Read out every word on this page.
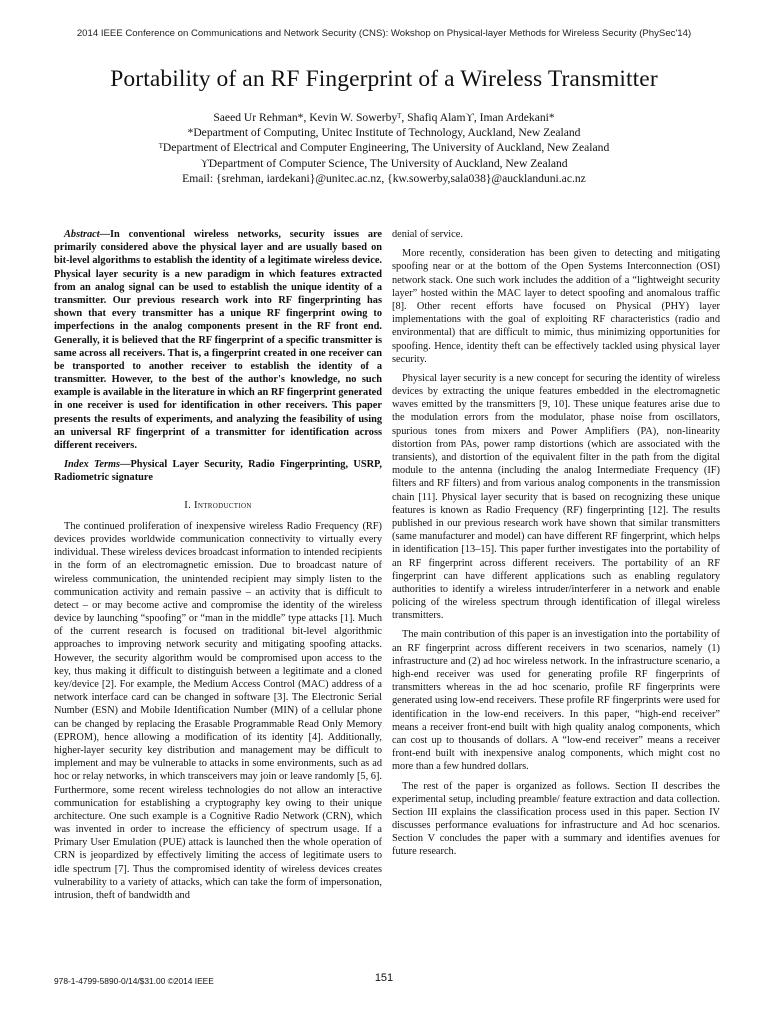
2014 IEEE Conference on Communications and Network Security (CNS): Wokshop on Physical-layer Methods for Wireless Security (PhySec'14)
Portability of an RF Fingerprint of a Wireless Transmitter
Saeed Ur Rehman*, Kevin W. Sowerbyᵀ, Shafiq Alamϒ, Iman Ardekani*
*Department of Computing, Unitec Institute of Technology, Auckland, New Zealand
ᵀDepartment of Electrical and Computer Engineering, The University of Auckland, New Zealand
ϒDepartment of Computer Science, The University of Auckland, New Zealand
Email: {srehman, iardekani}@unitec.ac.nz, {kw.sowerby,sala038}@aucklanduni.ac.nz

Abstract—In conventional wireless networks, security issues are primarily considered above the physical layer and are usually based on bit-level algorithms to establish the identity of a legitimate wireless device. Physical layer security is a new paradigm in which features extracted from an analog signal can be used to establish the unique identity of a transmitter. Our previous research work into RF fingerprinting has shown that every transmitter has a unique RF fingerprint owing to imperfections in the analog components present in the RF front end. Generally, it is believed that the RF fingerprint of a specific transmitter is same across all receivers. That is, a fingerprint created in one receiver can be transported to another receiver to establish the identity of a transmitter. However, to the best of the author's knowledge, no such example is available in the literature in which an RF fingerprint generated in one receiver is used for identification in other receivers. This paper presents the results of experiments, and analyzing the feasibility of using an universal RF fingerprint of a transmitter for identification across different receivers.

Index Terms—Physical Layer Security, Radio Fingerprinting, USRP, Radiometric signature

I. Introduction

The continued proliferation of inexpensive wireless Radio Frequency (RF) devices provides worldwide communication connectivity to virtually every individual. These wireless devices broadcast information to intended recipients in the form of an electromagnetic emission. Due to broadcast nature of wireless communication, the unintended recipient may simply listen to the communication activity and remain passive – an activity that is difficult to detect – or may become active and compromise the identity of the wireless device by launching “spoofing” or “man in the middle” type attacks [1]. Much of the current research is focused on traditional bit-level algorithmic approaches to improving network security and mitigating spoofing attacks. However, the security algorithm would be compromised upon access to the key, thus making it difficult to distinguish between a legitimate and a cloned key/device [2]. For example, the Medium Access Control (MAC) address of a network interface card can be changed in software [3]. The Electronic Serial Number (ESN) and Mobile Identification Number (MIN) of a cellular phone can be changed by replacing the Erasable Programmable Read Only Memory (EPROM), hence allowing a modification of its identity [4]. Additionally, higher-layer security key distribution and management may be difficult to implement and may be vulnerable to attacks in some environments, such as ad hoc or relay networks, in which transceivers may join or leave randomly [5, 6]. Furthermore, some recent wireless technologies do not allow an interactive communication for establishing a cryptography key owing to their unique architecture. One such example is a Cognitive Radio Network (CRN), which was invented in order to increase the efficiency of spectrum usage. If a Primary User Emulation (PUE) attack is launched then the whole operation of CRN is jeopardized by effectively limiting the access of legitimate users to idle spectrum [7]. Thus the compromised identity of wireless devices creates vulnerability to a variety of attacks, which can take the form of impersonation, intrusion, theft of bandwidth and

denial of service.

More recently, consideration has been given to detecting and mitigating spoofing near or at the bottom of the Open Systems Interconnection (OSI) network stack. One such work includes the addition of a “lightweight security layer” hosted within the MAC layer to detect spoofing and anomalous traffic [8]. Other recent efforts have focused on Physical (PHY) layer implementations with the goal of exploiting RF characteristics (radio and environmental) that are difficult to mimic, thus minimizing opportunities for spoofing. Hence, identity theft can be effectively tackled using physical layer security.

Physical layer security is a new concept for securing the identity of wireless devices by extracting the unique features embedded in the electromagnetic waves emitted by the transmitters [9, 10]. These unique features arise due to the modulation errors from the modulator, phase noise from oscillators, spurious tones from mixers and Power Amplifiers (PA), non-linearity distortion from PAs, power ramp distortions (which are associated with the transients), and distortion of the equivalent filter in the path from the digital module to the antenna (including the analog Intermediate Frequency (IF) filters and RF filters) and from various analog components in the transmission chain [11]. Physical layer security that is based on recognizing these unique features is known as Radio Frequency (RF) fingerprinting [12]. The results published in our previous research work have shown that similar transmitters (same manufacturer and model) can have different RF fingerprint, which helps in identification [13–15]. This paper further investigates into the portability of an RF fingerprint across different receivers. The portability of an RF fingerprint can have different applications such as enabling regulatory authorities to identify a wireless intruder/interferer in a network and enable policing of the wireless spectrum through identification of illegal wireless transmitters.

The main contribution of this paper is an investigation into the portability of an RF fingerprint across different receivers in two scenarios, namely (1) infrastructure and (2) ad hoc wireless network. In the infrastructure scenario, a high-end receiver was used for generating profile RF fingerprints of transmitters whereas in the ad hoc scenario, profile RF fingerprints were generated using low-end receivers. These profile RF fingerprints were used for identification in the low-end receivers. In this paper, “high-end receiver” means a receiver front-end built with high quality analog components, which can cost up to thousands of dollars. A “low-end receiver” means a receiver front-end built with inexpensive analog components, which might cost no more than a few hundred dollars.

The rest of the paper is organized as follows. Section II describes the experimental setup, including preamble/ feature extraction and data collection. Section III explains the classification process used in this paper. Section IV discusses performance evaluations for infrastructure and Ad hoc scenarios. Section V concludes the paper with a summary and identifies avenues for future research.

978-1-4799-5890-0/14/$31.00 ©2014 IEEE	151
